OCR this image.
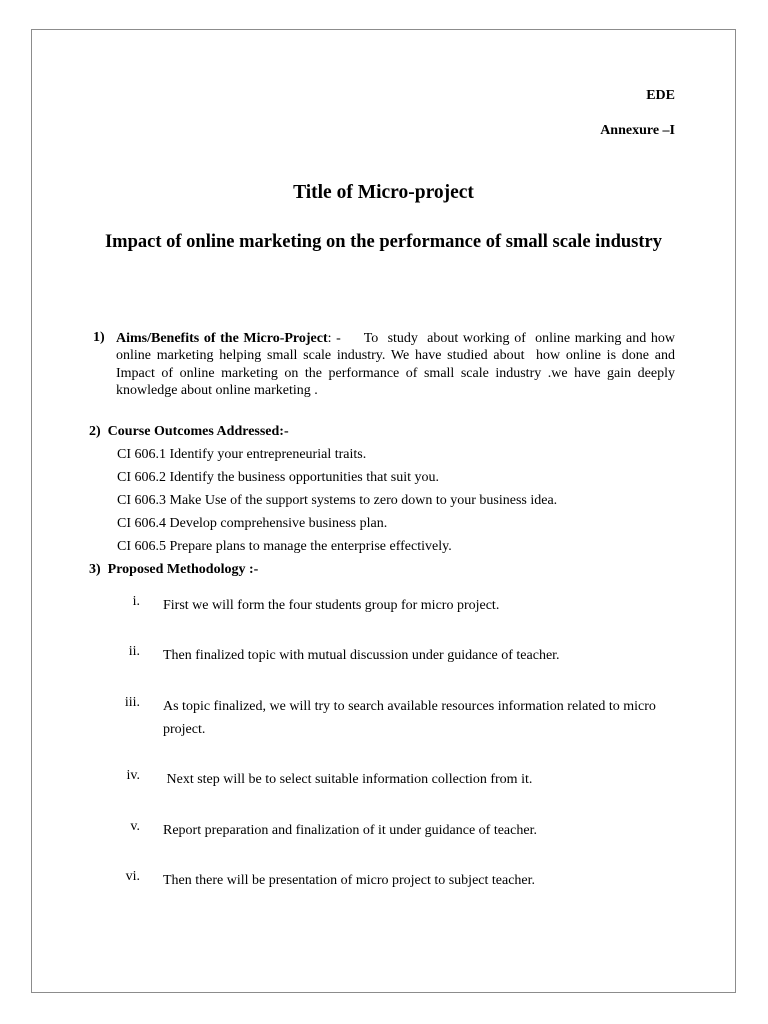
EDE
Annexure –I
Title of Micro-project
Impact of online marketing on the performance of small scale industry
1) Aims/Benefits of the Micro-Project: -     To  study  about working of  online marking and how online marketing helping small scale industry. We have studied about  how online is done and Impact of online marketing on the performance of small scale industry .we have gain deeply knowledge about online marketing .
2) Course Outcomes Addressed:-
CI 606.1 Identify your entrepreneurial traits.
CI 606.2 Identify the business opportunities that suit you.
CI 606.3 Make Use of the support systems to zero down to your business idea.
CI 606.4 Develop comprehensive business plan.
CI 606.5 Prepare plans to manage the enterprise effectively.
3) Proposed Methodology :-
i. First we will form the four students group for micro project.
ii. Then finalized topic with mutual discussion under guidance of teacher.
iii. As topic finalized, we will try to search available resources information related to micro project.
iv. Next step will be to select suitable information collection from it.
v. Report preparation and finalization of it under guidance of teacher.
vi. Then there will be presentation of micro project to subject teacher.
